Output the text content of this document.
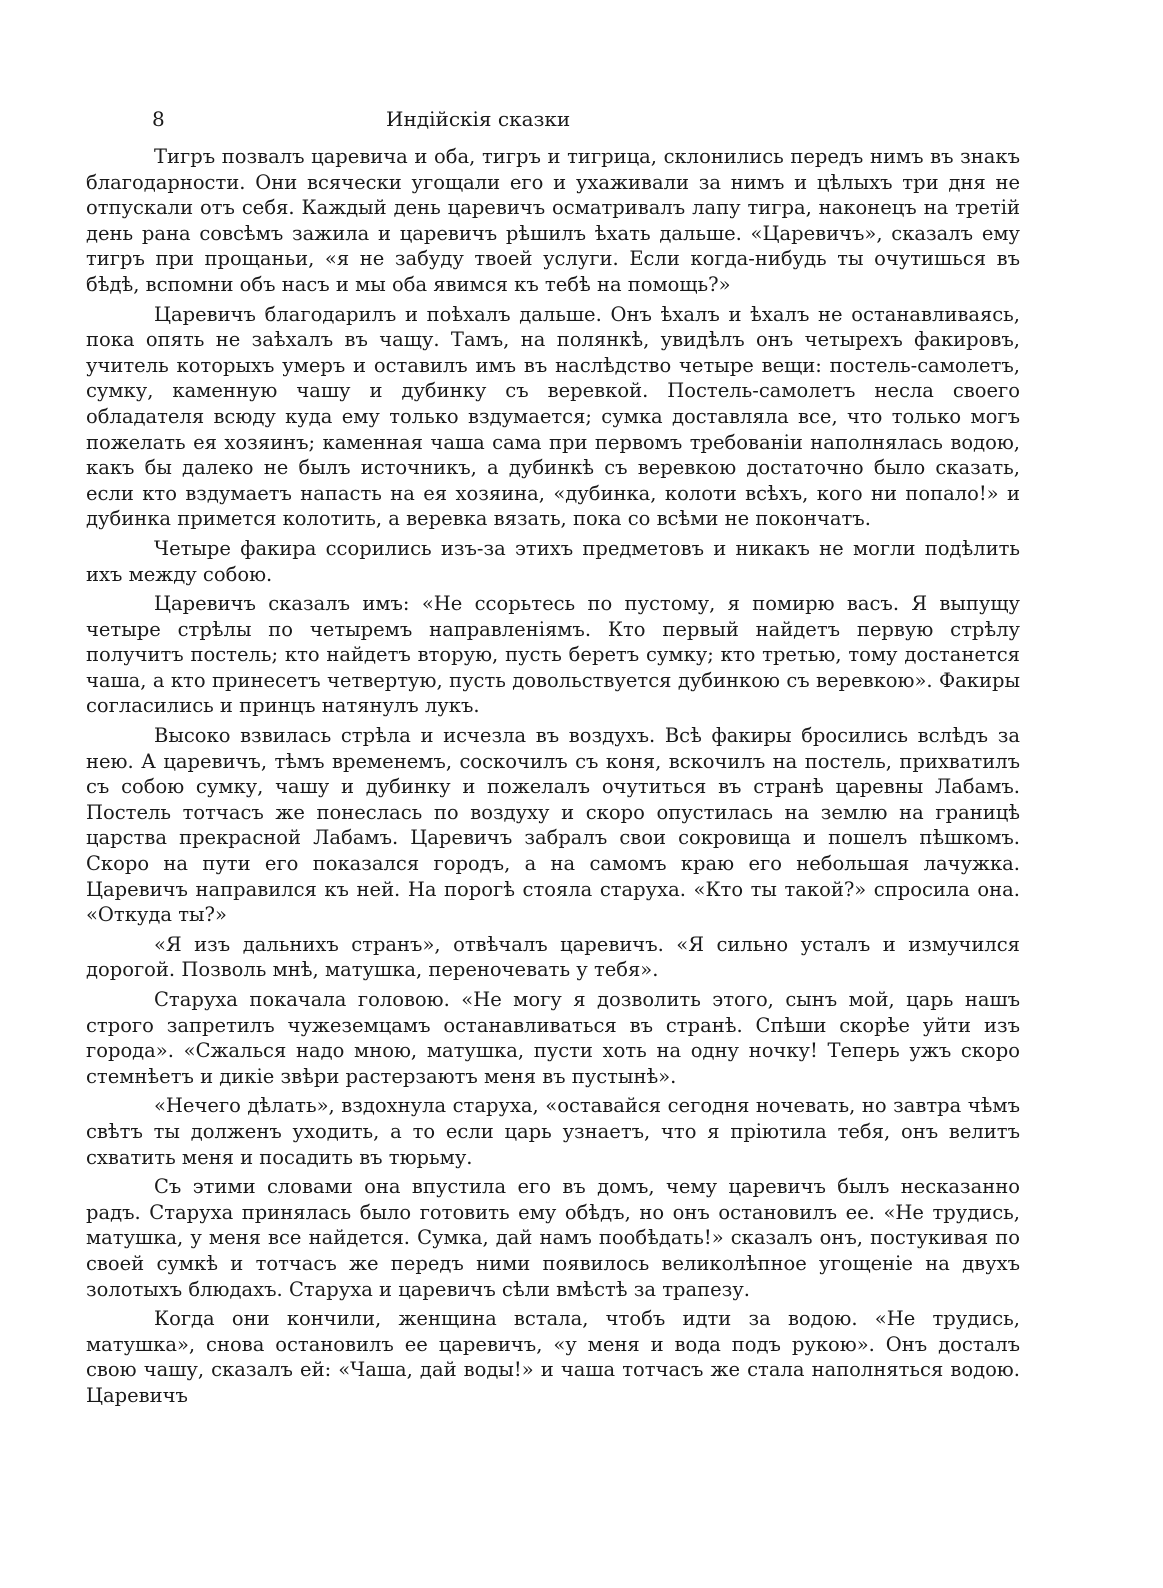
8	Индійскія сказки

Тигръ позвалъ царевича и оба, тигръ и тигрица, склонились передъ нимъ въ знакъ благодарности. Они всячески угощали его и ухаживали за нимъ и цѣлыхъ три дня не отпускали отъ себя. Каждый день царевичъ осматривалъ лапу тигра, наконецъ на третій день рана совсѣмъ зажила и царевичъ рѣшилъ ѣхать дальше. «Царевичъ», сказалъ ему тигръ при прощаньи, «я не забуду твоей услуги. Если когда-нибудь ты очутишься въ бѣдѣ, вспомни объ насъ и мы оба явимся къ тебѣ на помощь?»

Царевичъ благодарилъ и поѣхалъ дальше. Онъ ѣхалъ и ѣхалъ не останавливаясь, пока опять не заѣхалъ въ чащу. Тамъ, на полянкѣ, увидѣлъ онъ четырехъ факировъ, учитель которыхъ умеръ и оставилъ имъ въ наслѣдство четыре вещи: постель-самолетъ, сумку, каменную чашу и дубинку съ веревкой. Постель-самолетъ несла своего обладателя всюду куда ему только вздумается; сумка доставляла все, что только могъ пожелать ея хозяинъ; каменная чаша сама при первомъ требованіи наполнялась водою, какъ бы далеко не былъ источникъ, а дубинкѣ съ веревкою достаточно было сказать, если кто вздумаетъ напасть на ея хозяина, «дубинка, колоти всѣхъ, кого ни попало!» и дубинка примется колотить, а веревка вязать, пока со всѣми не покончатъ.

Четыре факира ссорились изъ-за этихъ предметовъ и никакъ не могли подѣлить ихъ между собою.

Царевичъ сказалъ имъ: «Не ссорьтесь по пустому, я помирю васъ. Я выпущу четыре стрѣлы по четыремъ направленіямъ. Кто первый найдетъ первую стрѣлу получитъ постель; кто найдетъ вторую, пусть беретъ сумку; кто третью, тому достанется чаша, а кто принесетъ четвертую, пусть довольствуется дубинкою съ веревкою». Факиры согласились и принцъ натянулъ лукъ.

Высоко взвилась стрѣла и исчезла въ воздухъ. Всѣ факиры бросились вслѣдъ за нею. А царевичъ, тѣмъ временемъ, соскочилъ съ коня, вскочилъ на постель, прихватилъ съ собою сумку, чашу и дубинку и пожелалъ очутиться въ странѣ царевны Лабамъ. Постель тотчасъ же понеслась по воздуху и скоро опустилась на землю на границѣ царства прекрасной Лабамъ. Царевичъ забралъ свои сокровища и пошелъ пѣшкомъ. Скоро на пути его показался городъ, а на самомъ краю его небольшая лачужка. Царевичъ направился къ ней. На порогѣ стояла старуха. «Кто ты такой?» спросила она. «Откуда ты?»

«Я изъ дальнихъ странъ», отвѣчалъ царевичъ. «Я сильно усталъ и измучился дорогой. Позволь мнѣ, матушка, переночевать у тебя».

Старуха покачала головою. «Не могу я дозволить этого, сынъ мой, царь нашъ строго запретилъ чужеземцамъ останавливаться въ странѣ. Спѣши скорѣе уйти изъ города». «Сжалься надо мною, матушка, пусти хоть на одну ночку! Теперь ужъ скоро стемнѣетъ и дикіе звѣри растерзаютъ меня въ пустынѣ».

«Нечего дѣлать», вздохнула старуха, «оставайся сегодня ночевать, но завтра чѣмъ свѣтъ ты долженъ уходить, а то если царь узнаетъ, что я пріютила тебя, онъ велитъ схватить меня и посадить въ тюрьму.

Съ этими словами она впустила его въ домъ, чему царевичъ былъ несказанно радъ. Старуха принялась было готовить ему обѣдъ, но онъ остановилъ ее. «Не трудись, матушка, у меня все найдется. Сумка, дай намъ пообѣдать!» сказалъ онъ, постукивая по своей сумкѣ и тотчасъ же передъ ними появилось великолѣпное угощеніе на двухъ золотыхъ блюдахъ. Старуха и царевичъ сѣли вмѣстѣ за трапезу.

Когда они кончили, женщина встала, чтобъ идти за водою. «Не трудись, матушка», снова остановилъ ее царевичъ, «у меня и вода подъ рукою». Онъ досталъ свою чашу, сказалъ ей: «Чаша, дай воды!» и чаша тотчасъ же стала наполняться водою. Царевичъ
